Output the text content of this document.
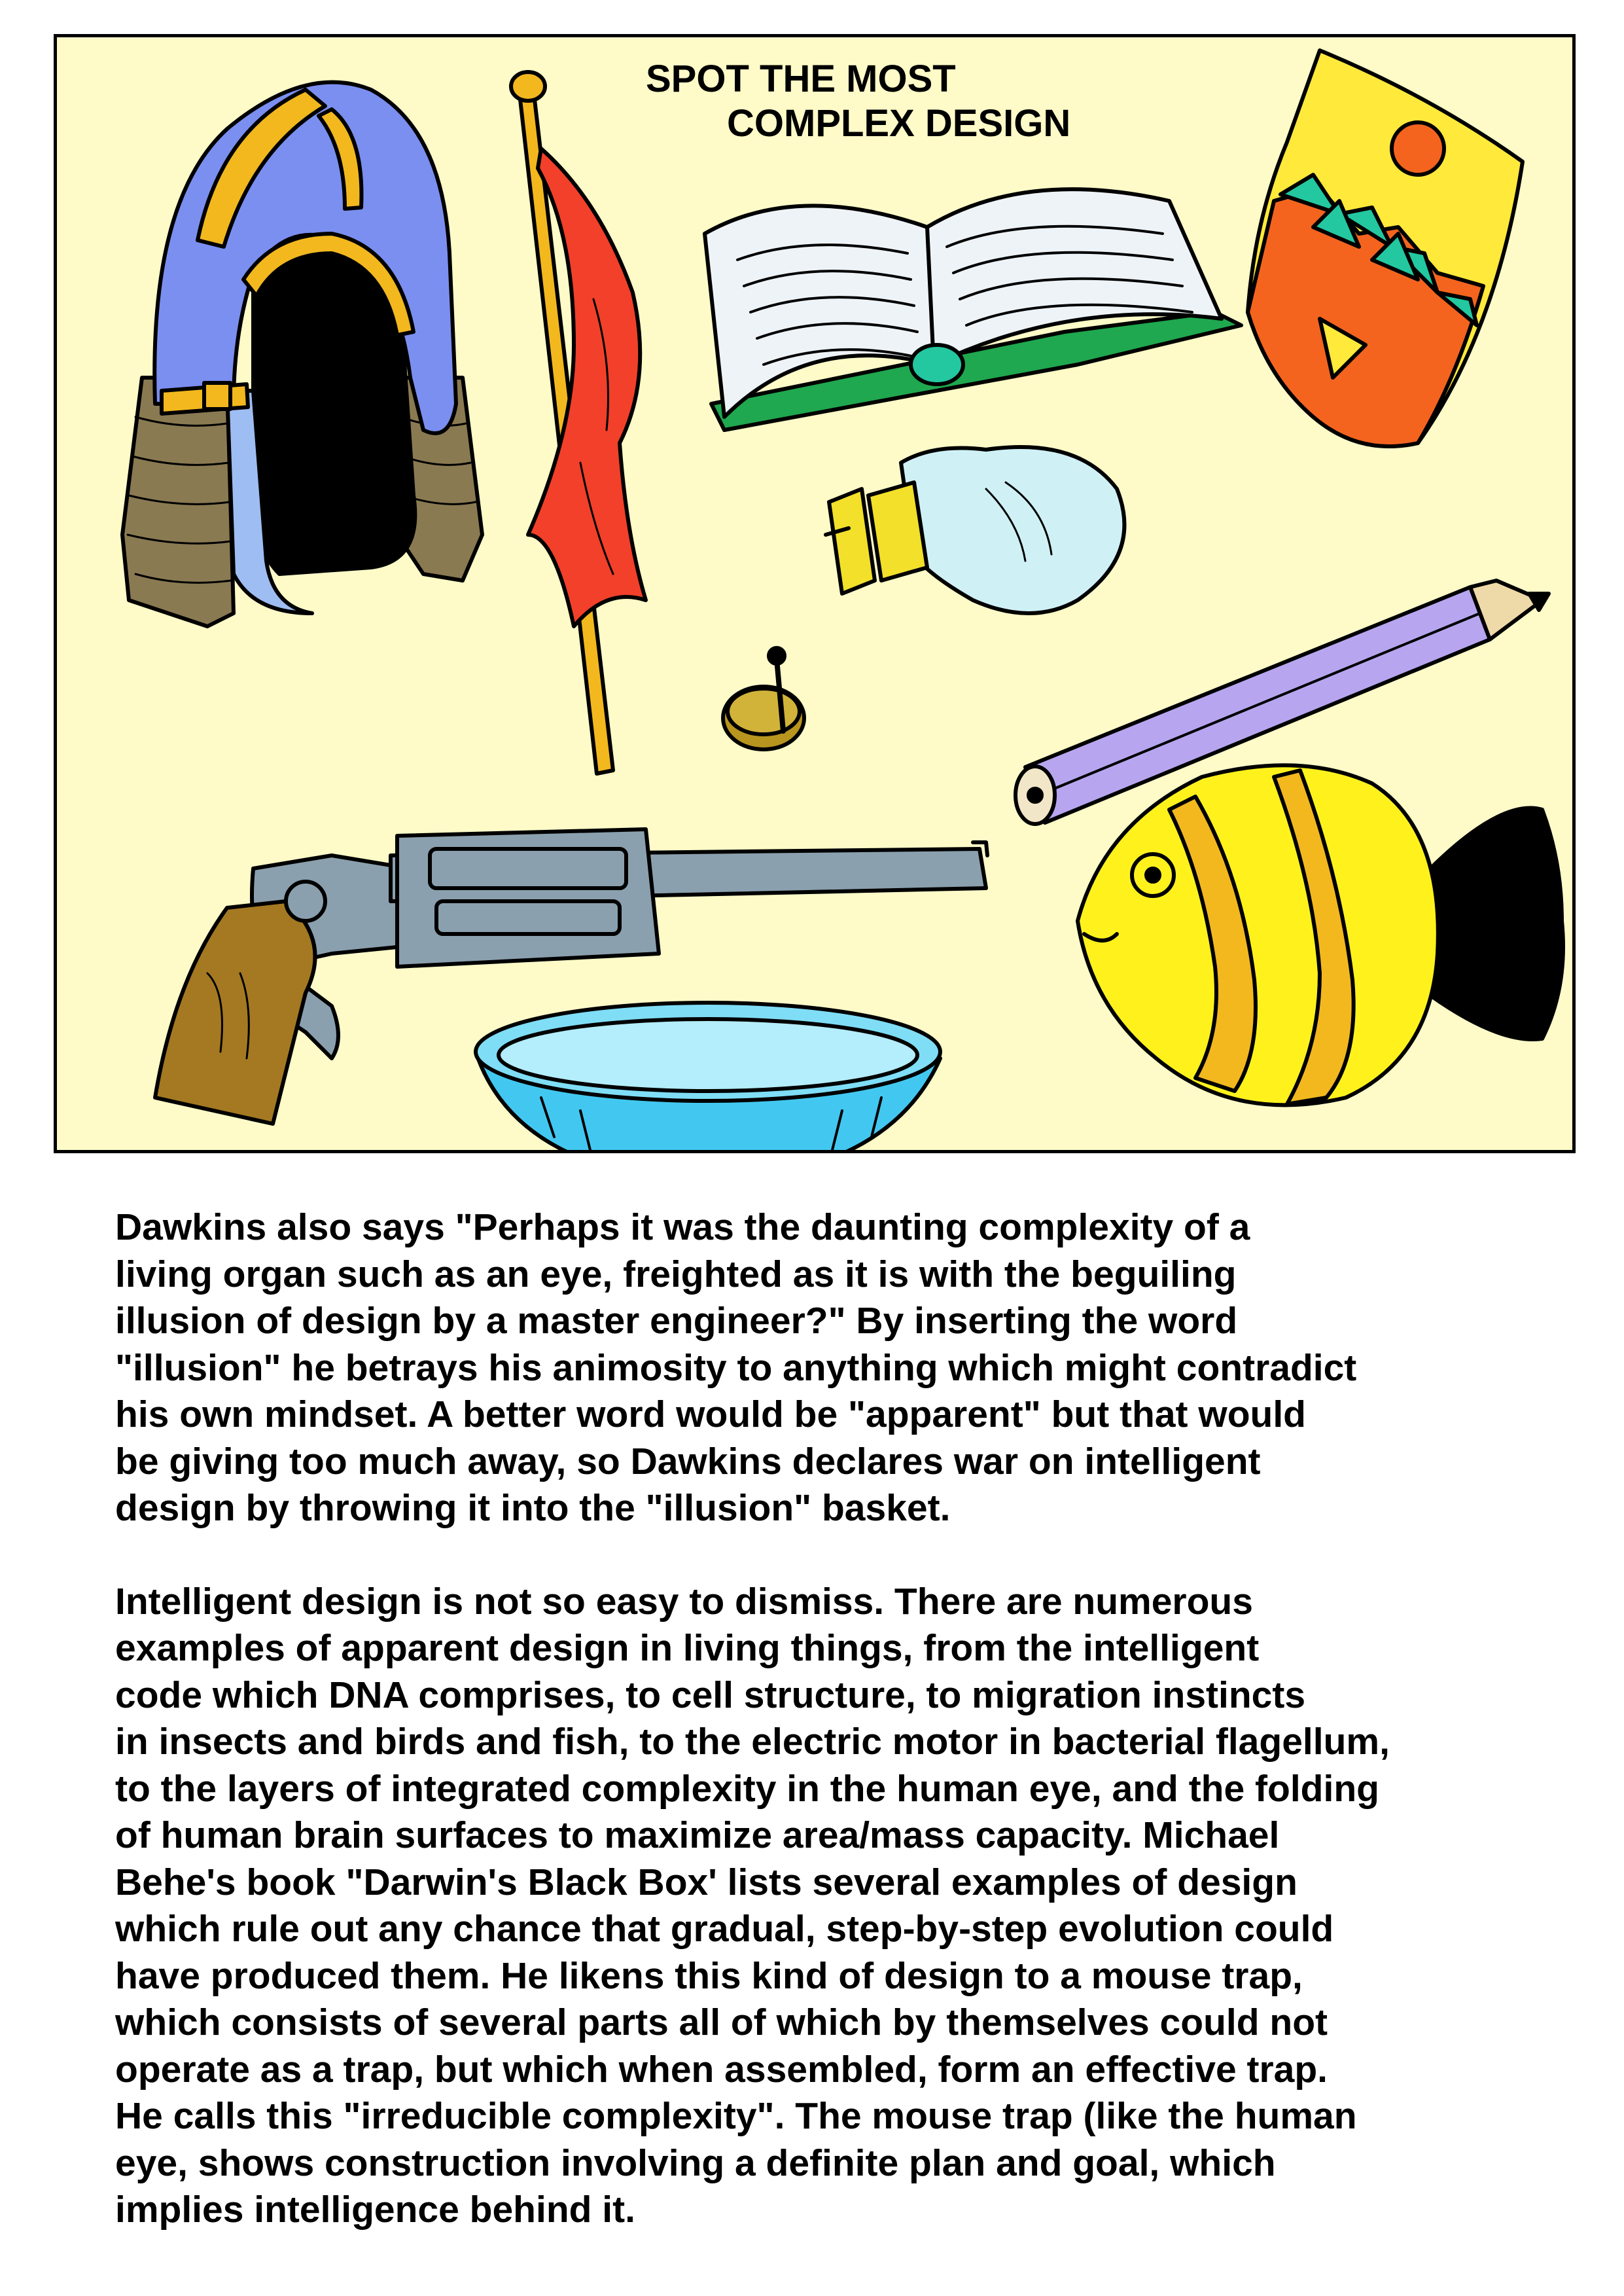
SPOT THE MOST
COMPLEX DESIGN

Dawkins also says "Perhaps it was the daunting complexity of a
living organ such as an eye, freighted as it is with the beguiling
illusion of design by a master engineer?" By inserting the word
"illusion" he betrays his animosity to anything which might contradict
his own mindset. A better word would be "apparent" but that would
be giving too much away, so Dawkins declares war on intelligent
design by throwing it into the "illusion" basket.

Intelligent design is not so easy to dismiss. There are numerous
examples of apparent design in living things, from the intelligent
code which DNA comprises, to cell structure, to migration instincts
in insects and birds and fish, to the electric motor in bacterial flagellum,
to the layers of integrated complexity in the human eye, and the folding
of human brain surfaces to maximize area/mass capacity. Michael
Behe's book "Darwin's Black Box' lists several examples of design
which rule out any chance that gradual, step-by-step evolution could
have produced them. He likens this kind of design to a mouse trap,
which consists of several parts all of which by themselves could not
operate as a trap, but which when assembled, form an effective trap.
He calls this "irreducible complexity". The mouse trap (like the human
eye, shows construction involving a definite plan and goal, which
implies intelligence behind it.
